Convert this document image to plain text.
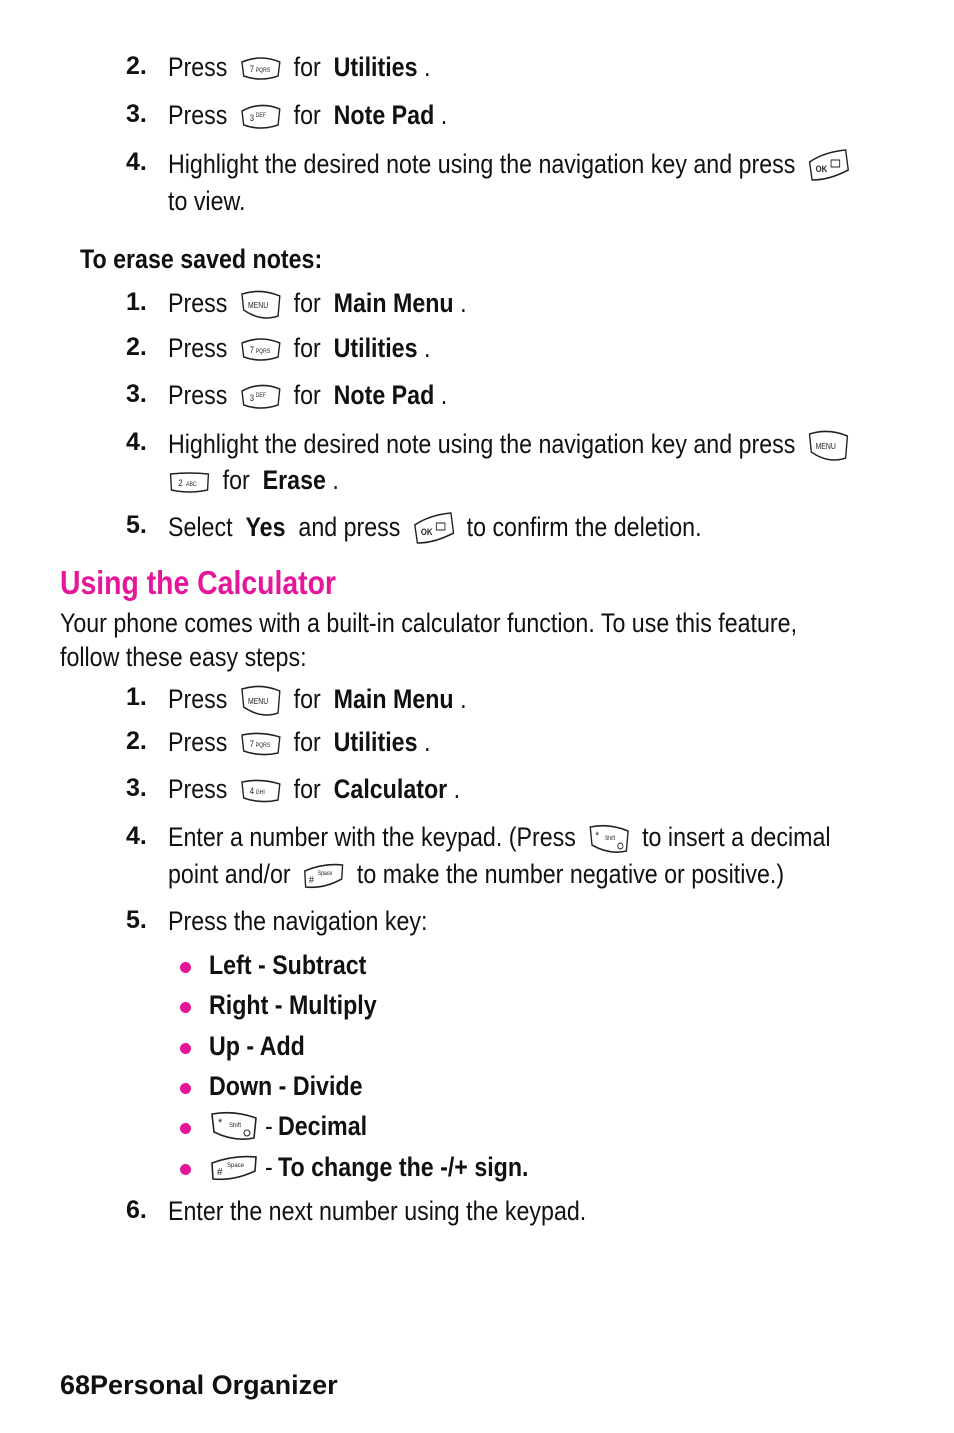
2. Press 7 PQRS for Utilities .
3. Press 3 DEF for Note Pad .
4. Highlight the desired note using the navigation key and press OK
to view.
To erase saved notes:
1. Press	MENU for Main Menu .
2. Press 7 PQRS for Utilities .
3. Press 3 DEF for Note Pad .
4. Highlight the desired note using the navigation key and press	MENU
2 ABC for Erase .
5. Select Yes and press OK to confirm the deletion.
Using the Calculator
Your phone comes with a built-in calculator function. To use this feature, follow these easy steps:
1. Press	MENU for Main Menu .
2. Press 7 PQRS for Utilities .
3. Press 4 GHI for Calculator .
4. Enter a number with the keypad. (Press * Shift to insert a decimal
point and/or #
Space to make the number negative or positive.)
5. Press the navigation key:
Left - Subtract
Right - Multiply
Up - Add
Down - Divide
* Shift -
Decimal
#
Space -
To change the -/+ sign.
6. Enter the next number using the keypad.
68Personal Organizer
